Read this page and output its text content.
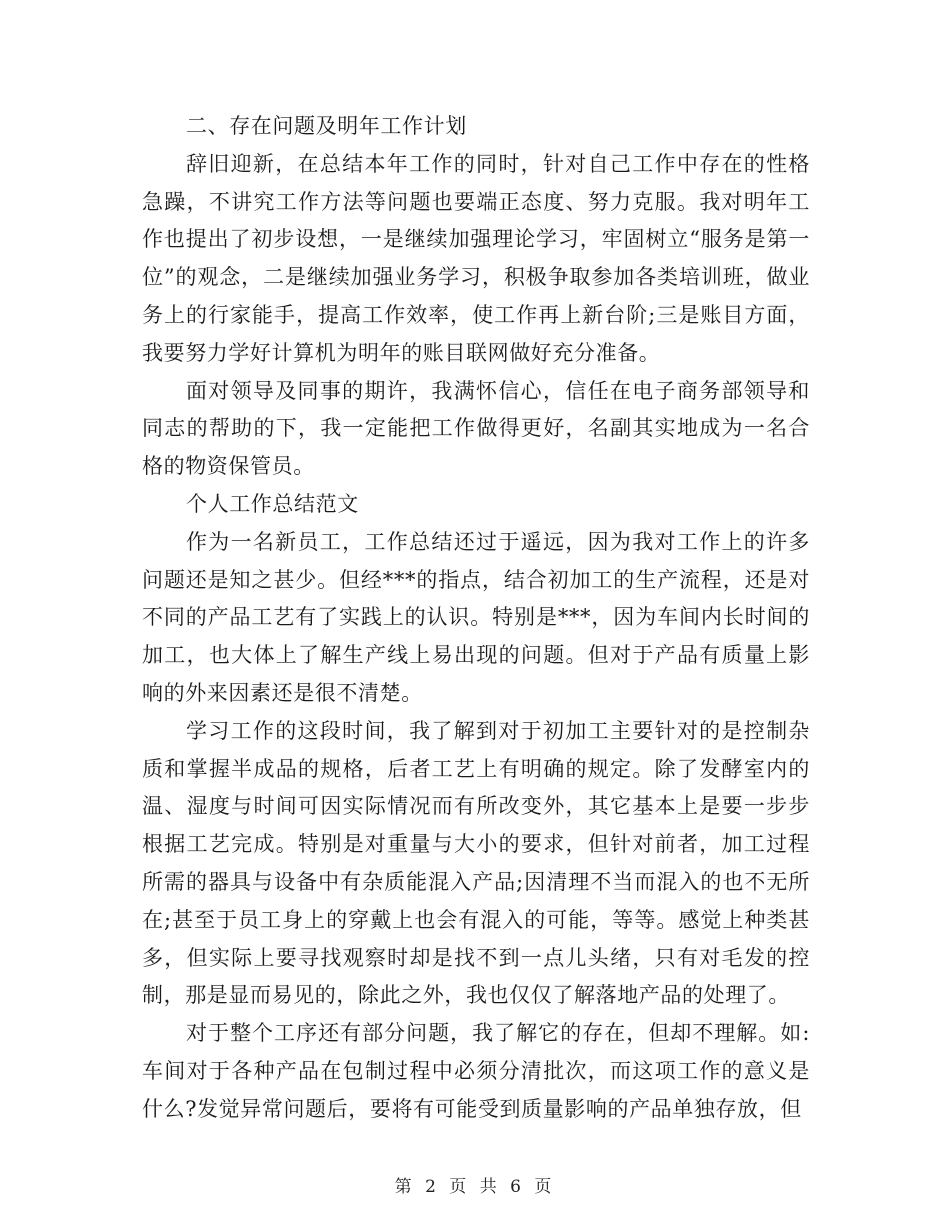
二、存在问题及明年工作计划

辞旧迎新，在总结本年工作的同时，针对自己工作中存在的性格急躁，不讲究工作方法等问题也要端正态度、努力克服。我对明年工作也提出了初步设想，一是继续加强理论学习，牢固树立“服务是第一位”的观念，二是继续加强业务学习，积极争取参加各类培训班，做业务上的行家能手，提高工作效率，使工作再上新台阶;三是账目方面，我要努力学好计算机为明年的账目联网做好充分准备。

面对领导及同事的期许，我满怀信心，信任在电子商务部领导和同志的帮助的下，我一定能把工作做得更好，名副其实地成为一名合格的物资保管员。

个人工作总结范文

作为一名新员工，工作总结还过于遥远，因为我对工作上的许多问题还是知之甚少。但经***的指点，结合初加工的生产流程，还是对不同的产品工艺有了实践上的认识。特别是***，因为车间内长时间的加工，也大体上了解生产线上易出现的问题。但对于产品有质量上影响的外来因素还是很不清楚。

学习工作的这段时间，我了解到对于初加工主要针对的是控制杂质和掌握半成品的规格，后者工艺上有明确的规定。除了发酵室内的温、湿度与时间可因实际情况而有所改变外，其它基本上是要一步步根据工艺完成。特别是对重量与大小的要求，但针对前者，加工过程所需的器具与设备中有杂质能混入产品;因清理不当而混入的也不无所在;甚至于员工身上的穿戴上也会有混入的可能，等等。感觉上种类甚多，但实际上要寻找观察时却是找不到一点儿头绪，只有对毛发的控制，那是显而易见的，除此之外，我也仅仅了解落地产品的处理了。

对于整个工序还有部分问题，我了解它的存在，但却不理解。如:车间对于各种产品在包制过程中必须分清批次，而这项工作的意义是什么?发觉异常问题后，要将有可能受到质量影响的产品单独存放，但

第 2 页 共 6 页
